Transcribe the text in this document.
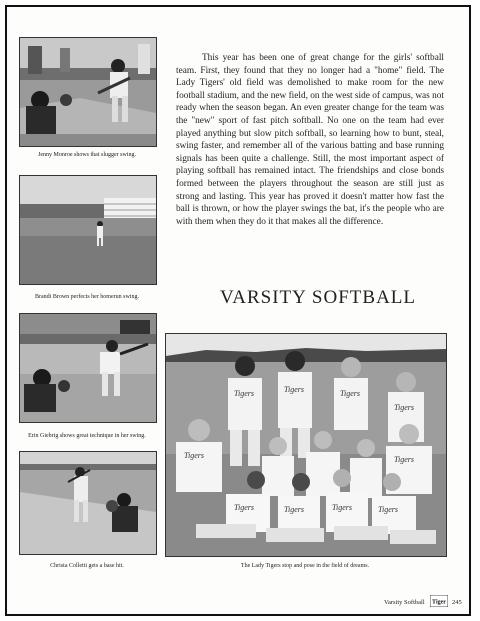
Jenny Monroe shows that slugger swing.
Brandi Brown perfects her homerun swing.
Erin Giebrig shows great technique in her swing.
Christa Colletti gets a base hit.

This year has been one of great change for the girls' softball team. First, they found that they no longer had a "home" field. The Lady Tigers' old field was demolished to make room for the new football stadium, and the new field, on the west side of campus, was not ready when the season began. An even greater change for the team was the "new" sport of fast pitch softball. No one on the team had ever played anything but slow pitch softball, so learning how to bunt, steal, swing faster, and remember all of the various batting and base running signals has been quite a challenge. Still, the most important aspect of playing softball has remained intact. The friendships and close bonds formed between the players throughout the season are still just as strong and lasting. This year has proved it doesn't matter how fast the ball is thrown, or how the player swings the bat, it's the people who are with them when they do it that makes all the difference.

VARSITY SOFTBALL
Tigers	Tigers	Tigers
Tigers
Tigers	Tigers
Tigers	Tigers	Tigers	Tigers
The Lady Tigers stop and pose in the field of dreams.
Varsity Softball Tiger 245
